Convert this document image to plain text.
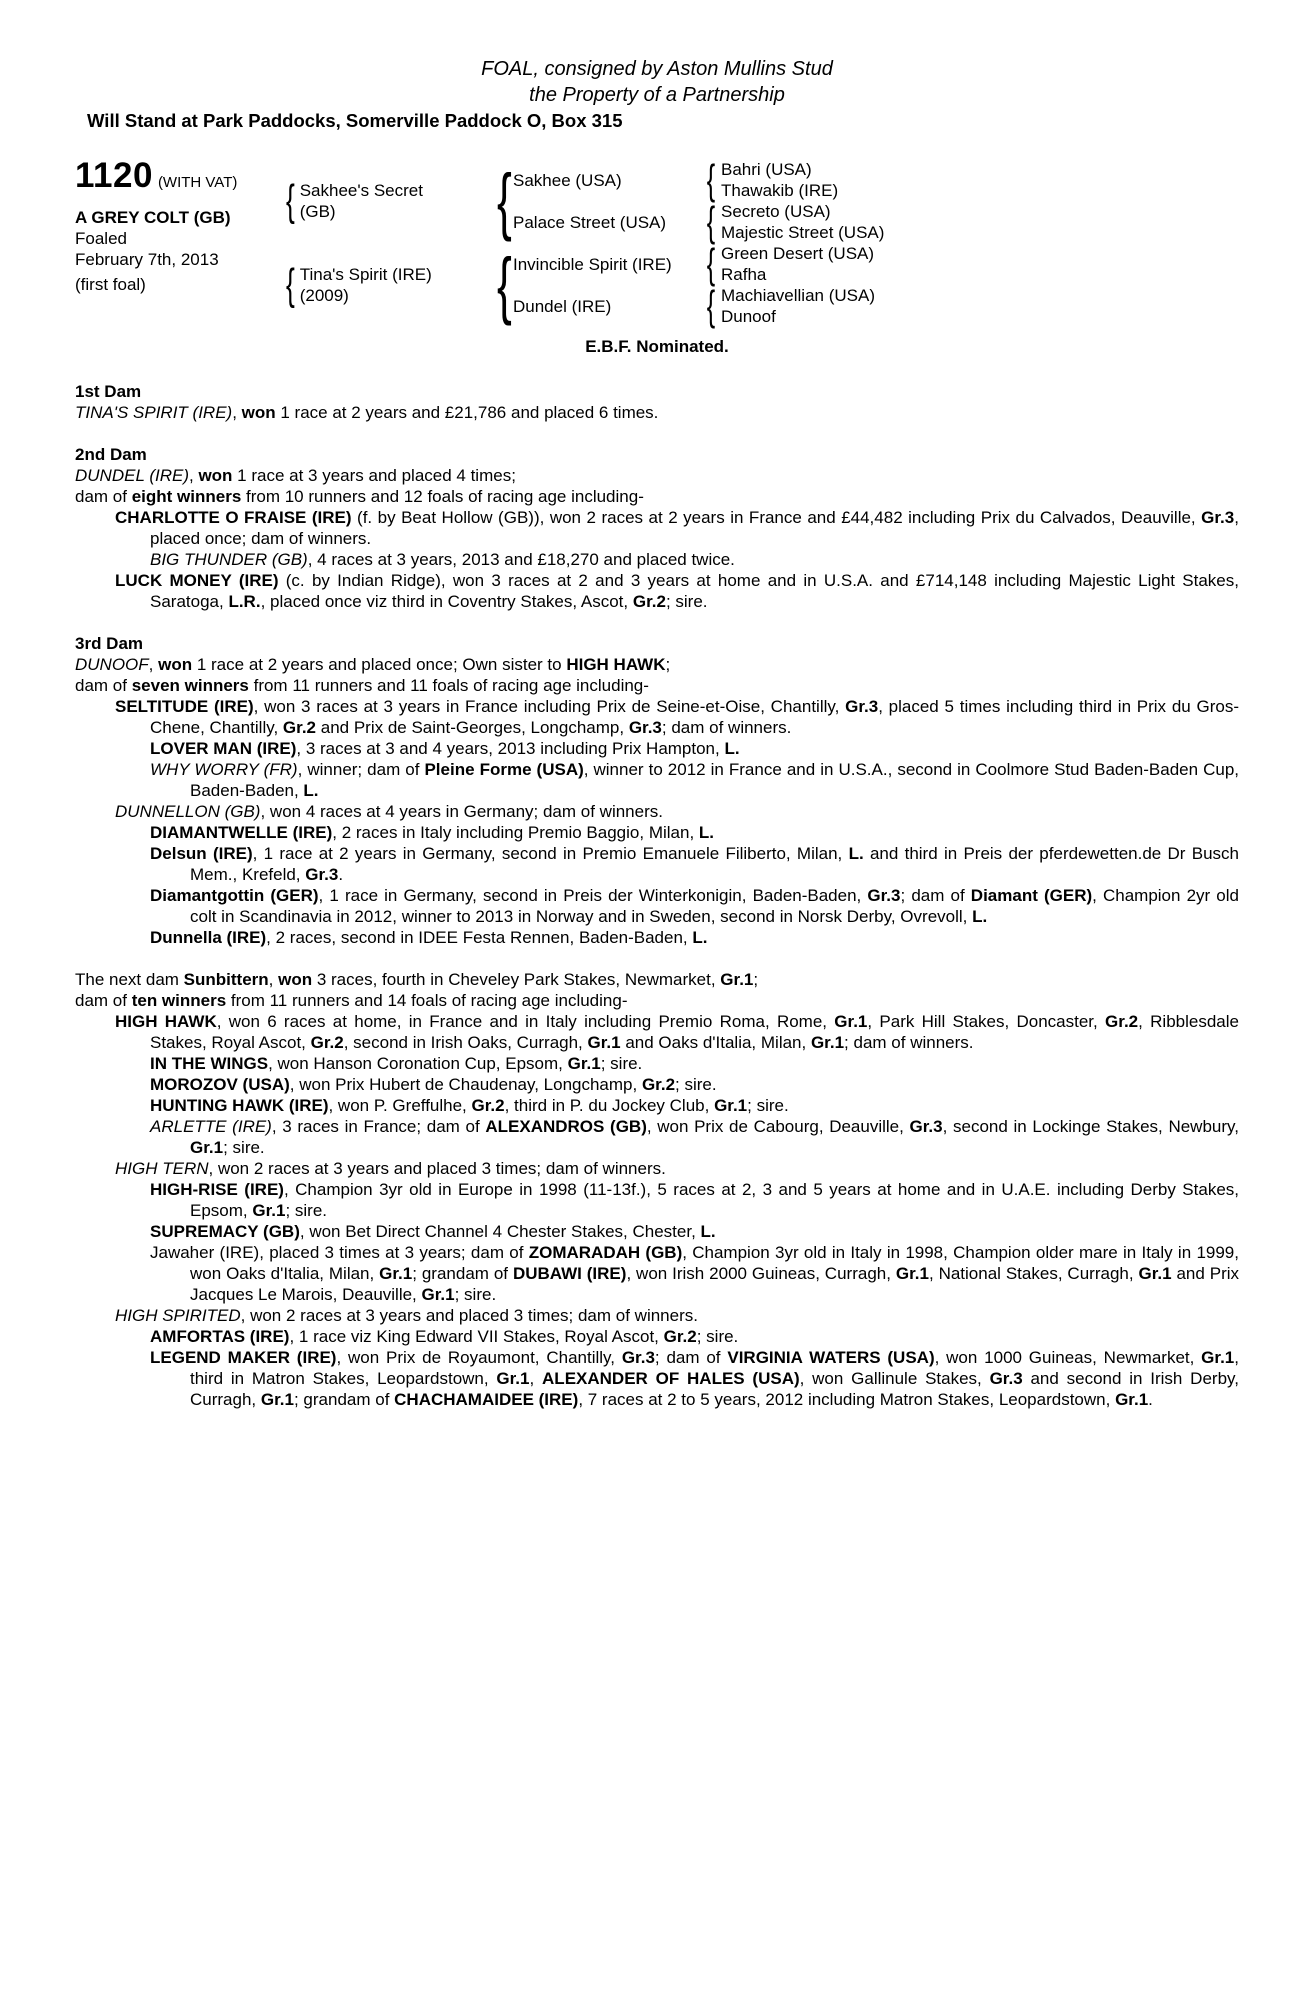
FOAL, consigned by Aston Mullins Stud
the Property of a Partnership
Will Stand at Park Paddocks, Somerville Paddock O, Box 315
1120 (WITH VAT)
A GREY COLT (GB)
Foaled
February 7th, 2013
(first foal)
{ Sakhee's Secret
(GB)
{ Tina's Spirit (IRE)
(2009)
{
{
Sakhee (USA)
Palace Street (USA)
Invincible Spirit (IRE)
Dundel (IRE)
{
{
{
{
Bahri (USA)
Thawakib (IRE)
Secreto (USA)
Majestic Street (USA)
Green Desert (USA)
Rafha
Machiavellian (USA)
Dunoof
E.B.F. Nominated.
1st Dam
TINA'S SPIRIT (IRE), won 1 race at 2 years and £21,786 and placed 6 times.
2nd Dam
DUNDEL (IRE), won 1 race at 3 years and placed 4 times;
dam of eight winners from 10 runners and 12 foals of racing age including-
CHARLOTTE O FRAISE (IRE) (f. by Beat Hollow (GB)), won 2 races at 2 years in France and £44,482 including Prix du Calvados, Deauville, Gr.3, placed once; dam of winners.
BIG THUNDER (GB), 4 races at 3 years, 2013 and £18,270 and placed twice.
LUCK MONEY (IRE) (c. by Indian Ridge), won 3 races at 2 and 3 years at home and in U.S.A. and £714,148 including Majestic Light Stakes, Saratoga, L.R., placed once viz third in Coventry Stakes, Ascot, Gr.2; sire.
3rd Dam
DUNOOF, won 1 race at 2 years and placed once; Own sister to HIGH HAWK;
dam of seven winners from 11 runners and 11 foals of racing age including-
SELTITUDE (IRE), won 3 races at 3 years in France including Prix de Seine-et-Oise, Chantilly, Gr.3, placed 5 times including third in Prix du Gros-Chene, Chantilly, Gr.2 and Prix de Saint-Georges, Longchamp, Gr.3; dam of winners.
LOVER MAN (IRE), 3 races at 3 and 4 years, 2013 including Prix Hampton, L.
WHY WORRY (FR), winner; dam of Pleine Forme (USA), winner to 2012 in France and in U.S.A., second in Coolmore Stud Baden-Baden Cup, Baden-Baden, L.
DUNNELLON (GB), won 4 races at 4 years in Germany; dam of winners.
DIAMANTWELLE (IRE), 2 races in Italy including Premio Baggio, Milan, L.
Delsun (IRE), 1 race at 2 years in Germany, second in Premio Emanuele Filiberto, Milan, L. and third in Preis der pferdewetten.de Dr Busch Mem., Krefeld, Gr.3.
Diamantgottin (GER), 1 race in Germany, second in Preis der Winterkonigin, Baden-Baden, Gr.3; dam of Diamant (GER), Champion 2yr old colt in Scandinavia in 2012, winner to 2013 in Norway and in Sweden, second in Norsk Derby, Ovrevoll, L.
Dunnella (IRE), 2 races, second in IDEE Festa Rennen, Baden-Baden, L.
The next dam Sunbittern, won 3 races, fourth in Cheveley Park Stakes, Newmarket, Gr.1;
dam of ten winners from 11 runners and 14 foals of racing age including-
HIGH HAWK, won 6 races at home, in France and in Italy including Premio Roma, Rome, Gr.1, Park Hill Stakes, Doncaster, Gr.2, Ribblesdale Stakes, Royal Ascot, Gr.2, second in Irish Oaks, Curragh, Gr.1 and Oaks d'Italia, Milan, Gr.1; dam of winners.
IN THE WINGS, won Hanson Coronation Cup, Epsom, Gr.1; sire.
MOROZOV (USA), won Prix Hubert de Chaudenay, Longchamp, Gr.2; sire.
HUNTING HAWK (IRE), won P. Greffulhe, Gr.2, third in P. du Jockey Club, Gr.1; sire.
ARLETTE (IRE), 3 races in France; dam of ALEXANDROS (GB), won Prix de Cabourg, Deauville, Gr.3, second in Lockinge Stakes, Newbury, Gr.1; sire.
HIGH TERN, won 2 races at 3 years and placed 3 times; dam of winners.
HIGH-RISE (IRE), Champion 3yr old in Europe in 1998 (11-13f.), 5 races at 2, 3 and 5 years at home and in U.A.E. including Derby Stakes, Epsom, Gr.1; sire.
SUPREMACY (GB), won Bet Direct Channel 4 Chester Stakes, Chester, L.
Jawaher (IRE), placed 3 times at 3 years; dam of ZOMARADAH (GB), Champion 3yr old in Italy in 1998, Champion older mare in Italy in 1999, won Oaks d'Italia, Milan, Gr.1; grandam of DUBAWI (IRE), won Irish 2000 Guineas, Curragh, Gr.1, National Stakes, Curragh, Gr.1 and Prix Jacques Le Marois, Deauville, Gr.1; sire.
HIGH SPIRITED, won 2 races at 3 years and placed 3 times; dam of winners.
AMFORTAS (IRE), 1 race viz King Edward VII Stakes, Royal Ascot, Gr.2; sire.
LEGEND MAKER (IRE), won Prix de Royaumont, Chantilly, Gr.3; dam of VIRGINIA WATERS (USA), won 1000 Guineas, Newmarket, Gr.1, third in Matron Stakes, Leopardstown, Gr.1, ALEXANDER OF HALES (USA), won Gallinule Stakes, Gr.3 and second in Irish Derby, Curragh, Gr.1; grandam of CHACHAMAIDEE (IRE), 7 races at 2 to 5 years, 2012 including Matron Stakes, Leopardstown, Gr.1.
